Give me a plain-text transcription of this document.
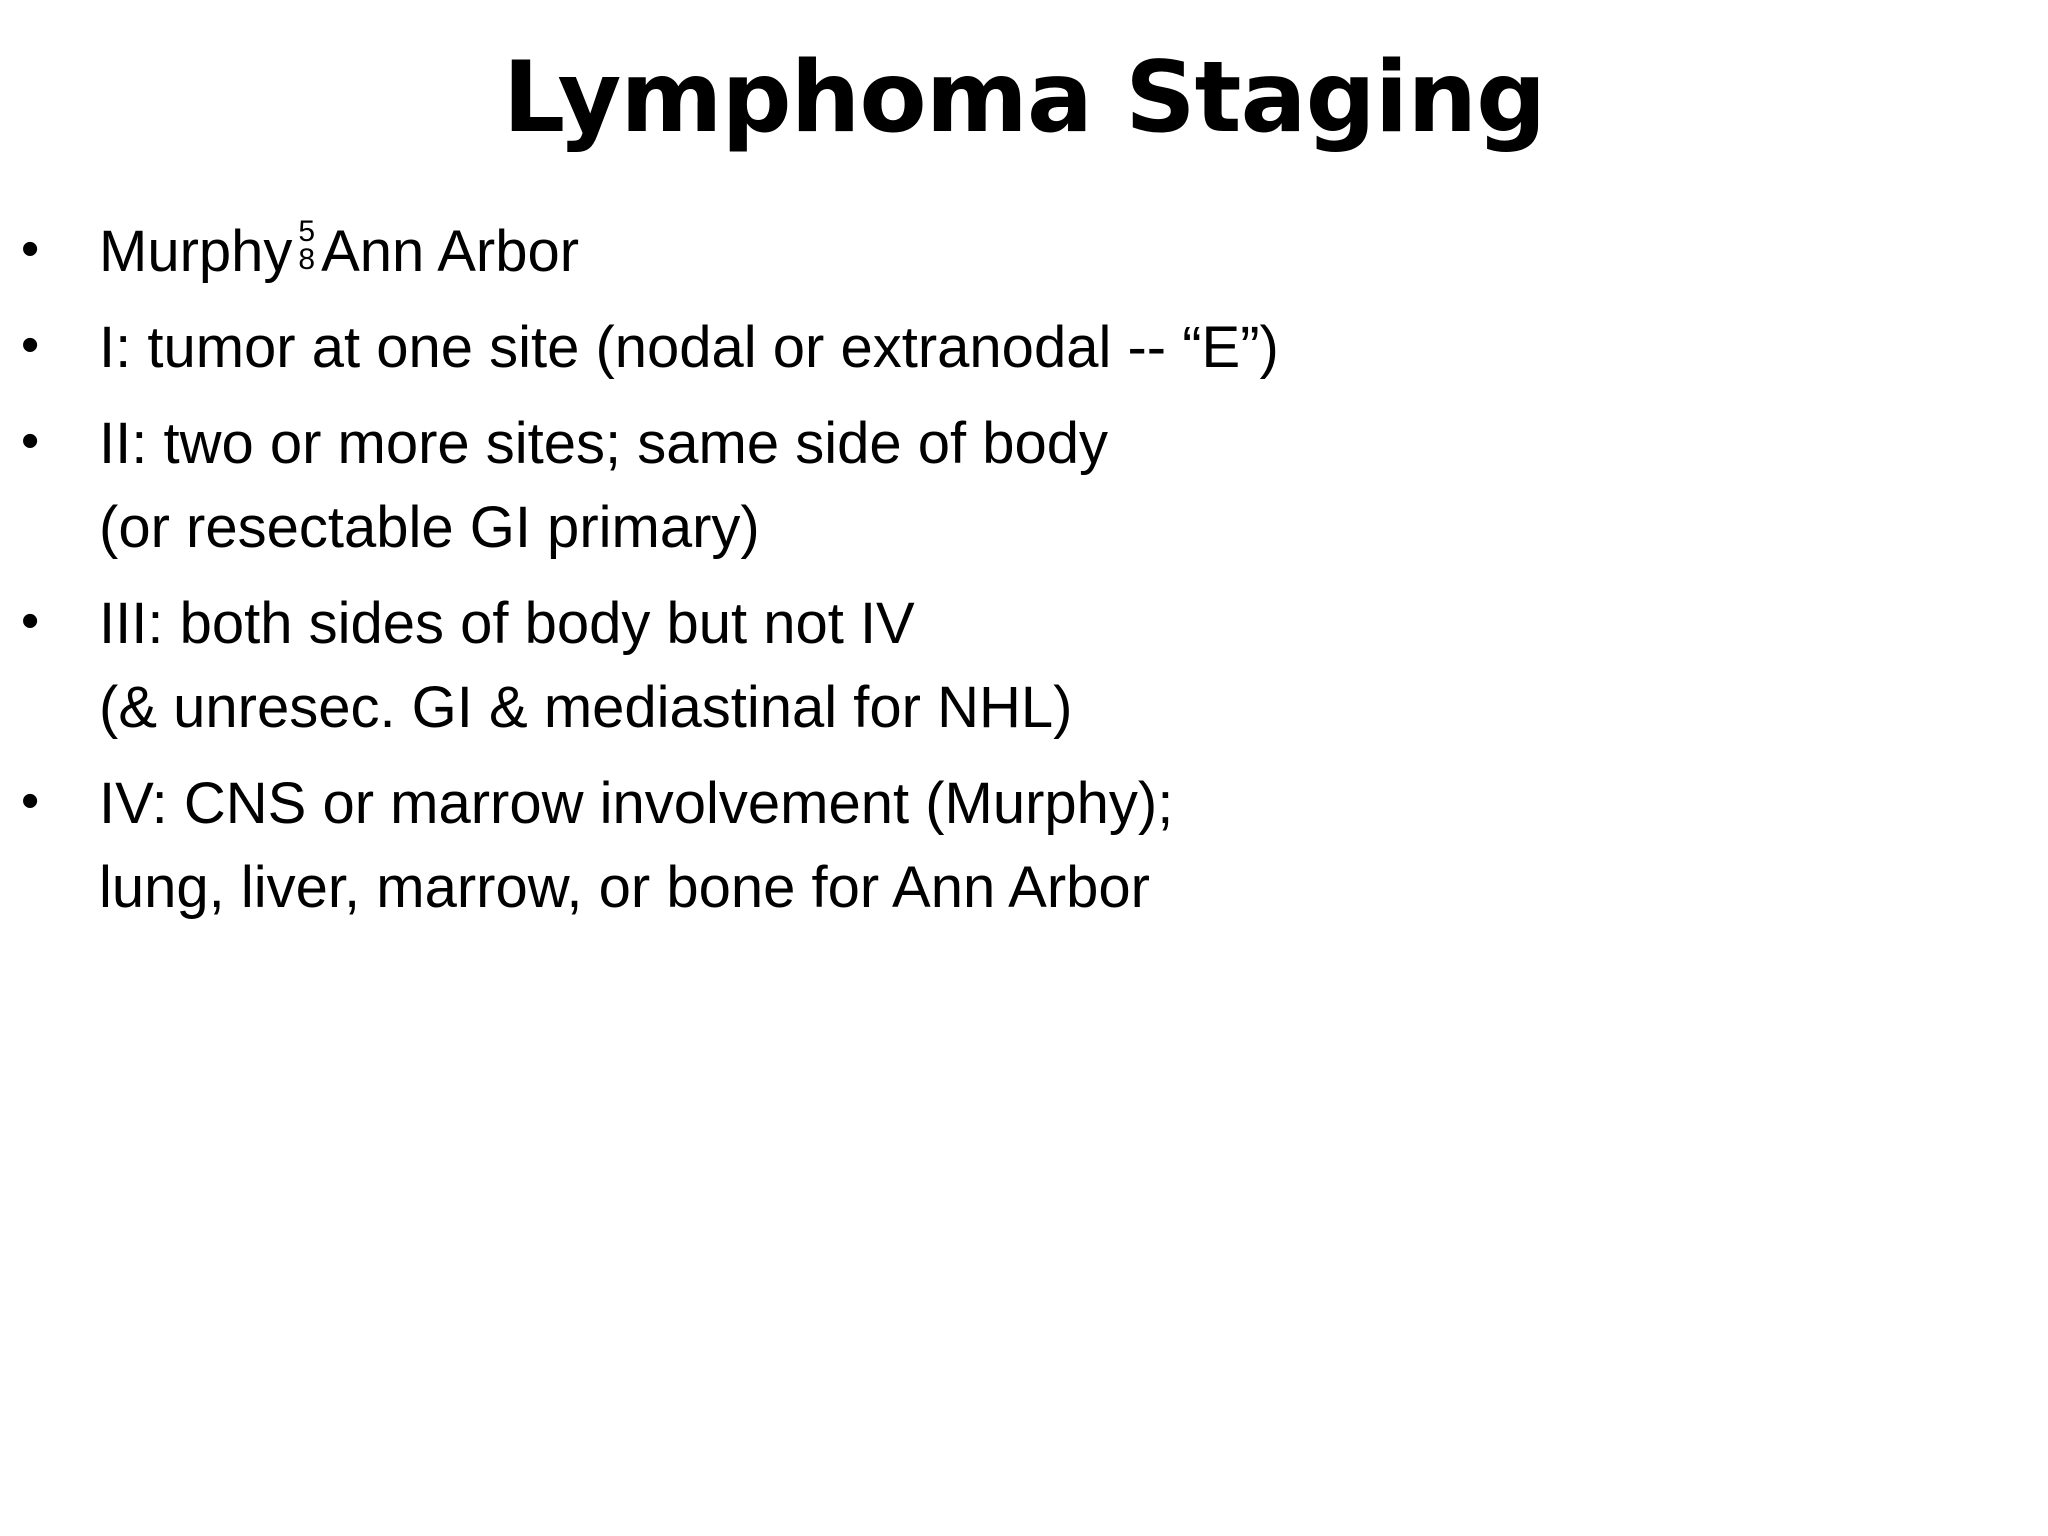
Lymphoma Staging
• Murphy 5
8 Ann Arbor
• I: tumor at one site (nodal or extranodal -- “E”)
• II: two or more sites; same side of body
(or resectable GI primary)
• III: both sides of body but not IV
(& unresec. GI & mediastinal for NHL)
• IV: CNS or marrow involvement (Murphy);
lung, liver, marrow, or bone for Ann Arbor
